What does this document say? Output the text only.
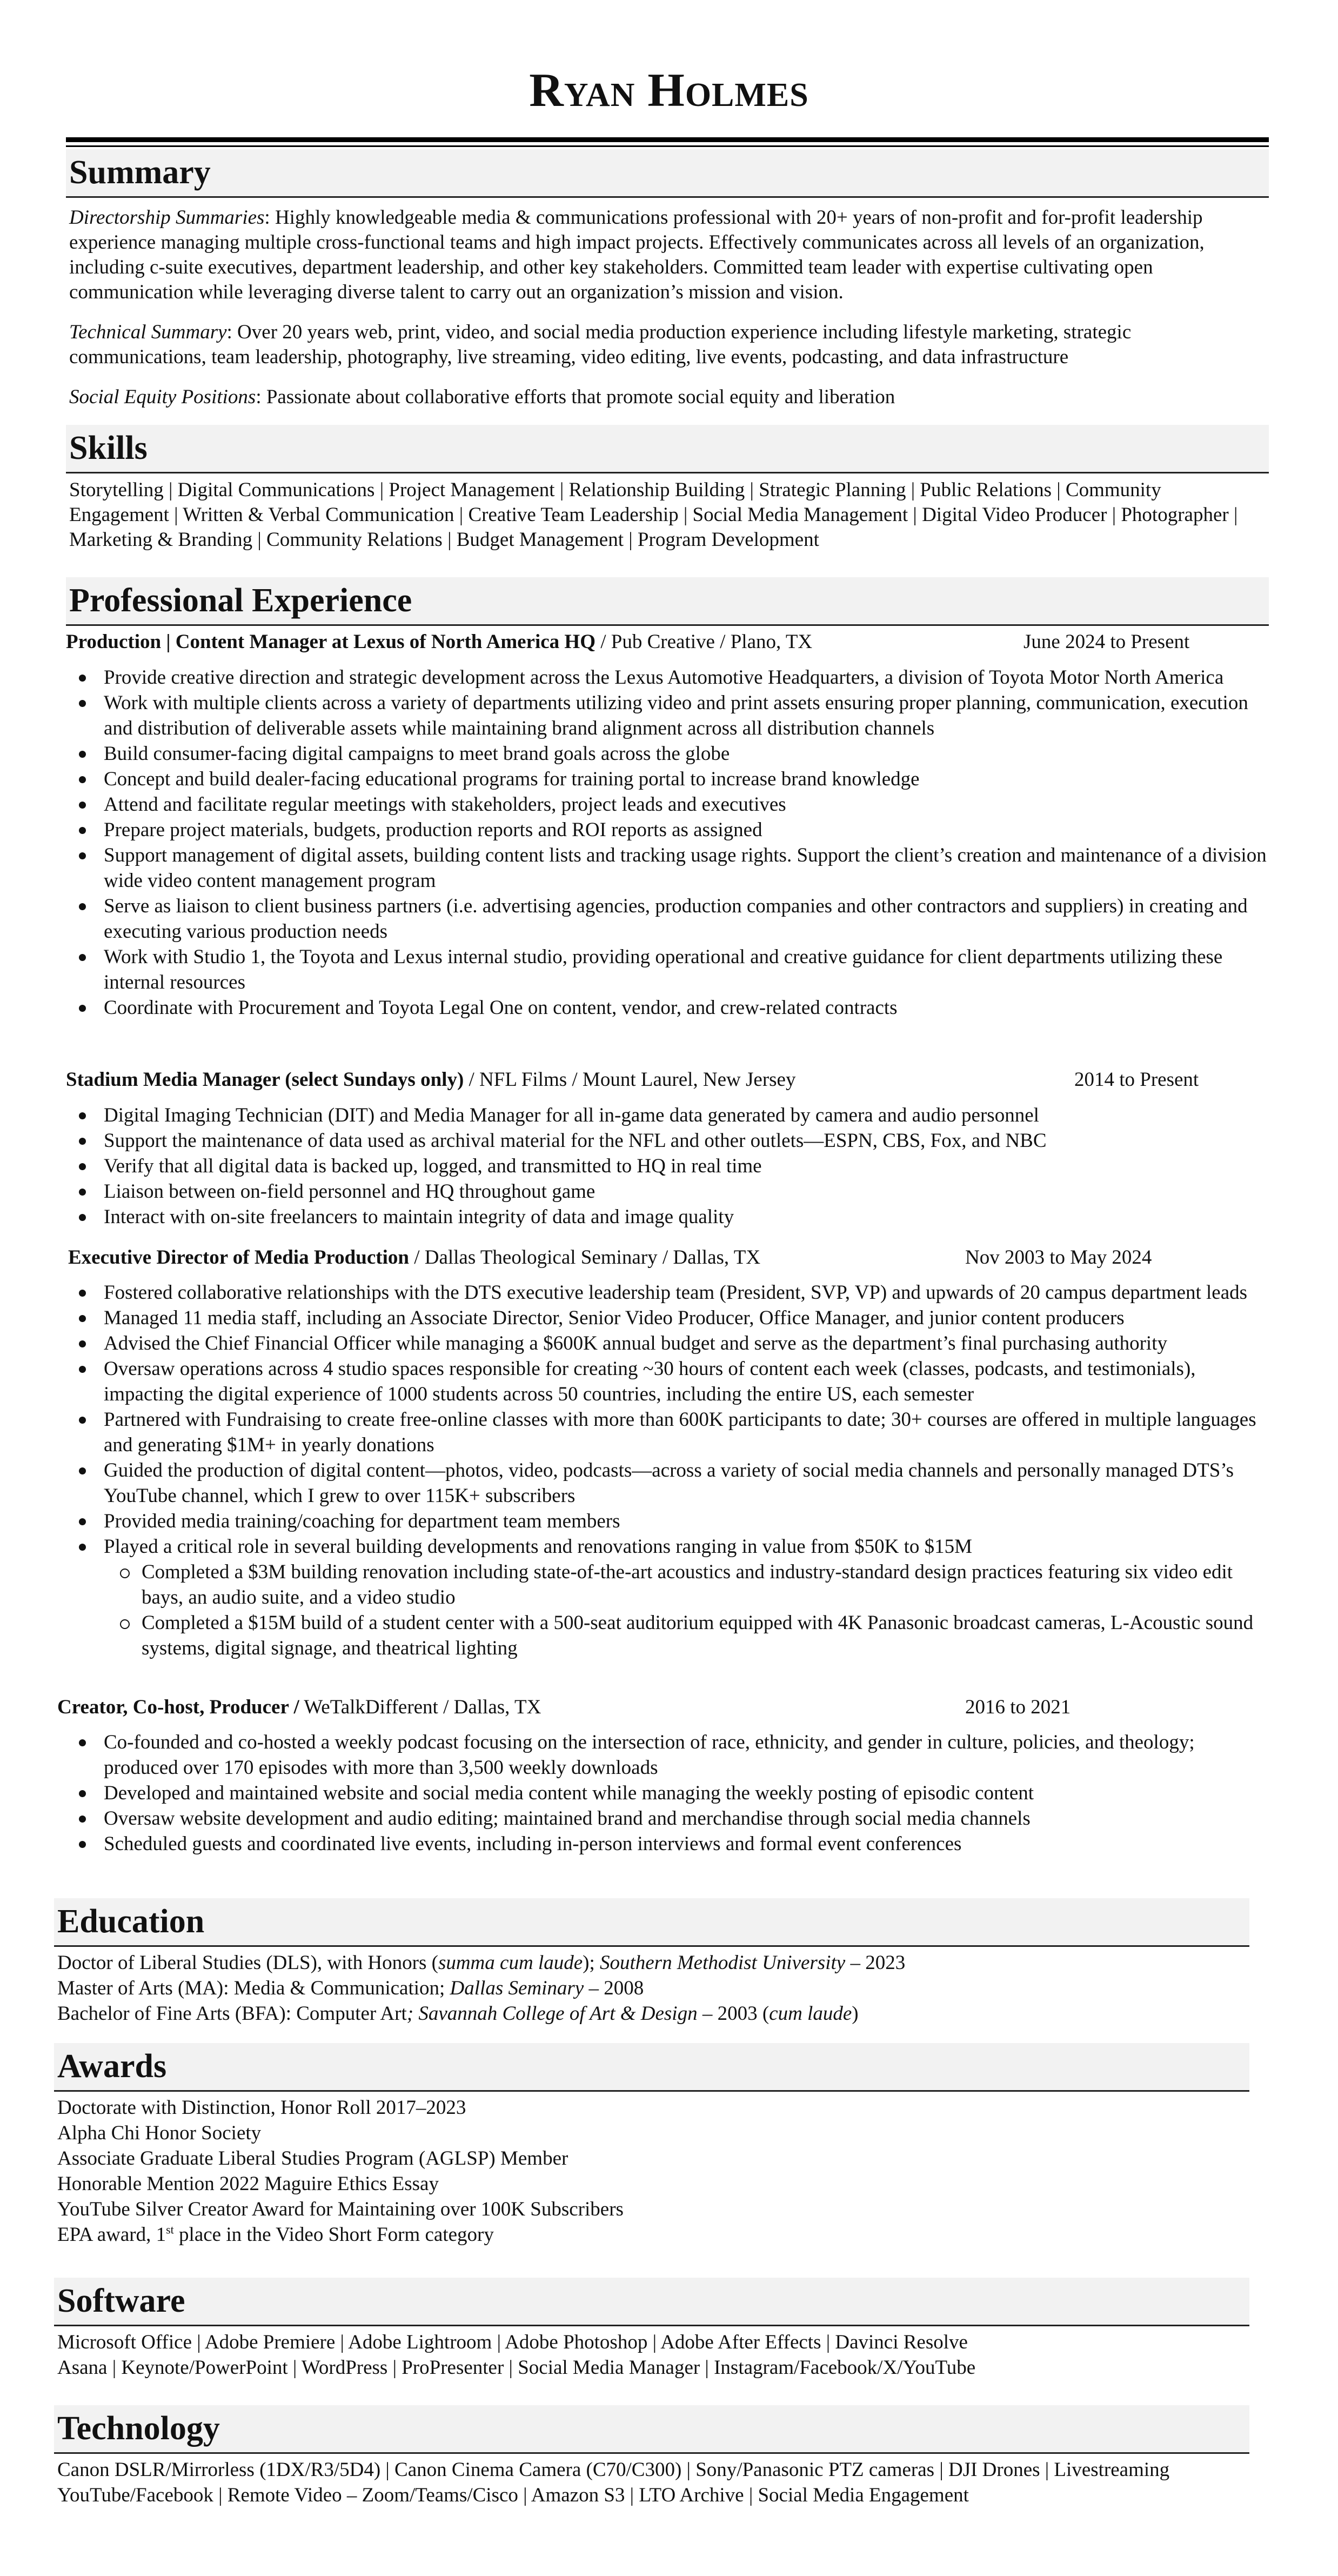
Ryan Holmes
Summary
Directorship Summaries: Highly knowledgeable media & communications professional with 20+ years of non-profit and for-profit leadership experience managing multiple cross-functional teams and high impact projects. Effectively communicates across all levels of an organization, including c-suite executives, department leadership, and other key stakeholders. Committed team leader with expertise cultivating open communication while leveraging diverse talent to carry out an organization’s mission and vision.
Technical Summary: Over 20 years web, print, video, and social media production experience including lifestyle marketing, strategic communications, team leadership, photography, live streaming, video editing, live events, podcasting, and data infrastructure
Social Equity Positions: Passionate about collaborative efforts that promote social equity and liberation
Skills
Storytelling | Digital Communications | Project Management | Relationship Building | Strategic Planning | Public Relations | Community Engagement | Written & Verbal Communication | Creative Team Leadership | Social Media Management | Digital Video Producer | Photographer | Marketing & Branding | Community Relations | Budget Management | Program Development
Professional Experience
Production | Content Manager at Lexus of North America HQ / Pub Creative / Plano, TX	June 2024 to Present
Provide creative direction and strategic development across the Lexus Automotive Headquarters, a division of Toyota Motor North America
Work with multiple clients across a variety of departments utilizing video and print assets ensuring proper planning, communication, execution and distribution of deliverable assets while maintaining brand alignment across all distribution channels
Build consumer-facing digital campaigns to meet brand goals across the globe
Concept and build dealer-facing educational programs for training portal to increase brand knowledge
Attend and facilitate regular meetings with stakeholders, project leads and executives
Prepare project materials, budgets, production reports and ROI reports as assigned
Support management of digital assets, building content lists and tracking usage rights. Support the client’s creation and maintenance of a division wide video content management program
Serve as liaison to client business partners (i.e. advertising agencies, production companies and other contractors and suppliers) in creating and executing various production needs
Work with Studio 1, the Toyota and Lexus internal studio, providing operational and creative guidance for client departments utilizing these internal resources
Coordinate with Procurement and Toyota Legal One on content, vendor, and crew-related contracts
Stadium Media Manager (select Sundays only) / NFL Films / Mount Laurel, New Jersey	2014 to Present
Digital Imaging Technician (DIT) and Media Manager for all in-game data generated by camera and audio personnel
Support the maintenance of data used as archival material for the NFL and other outlets—ESPN, CBS, Fox, and NBC
Verify that all digital data is backed up, logged, and transmitted to HQ in real time
Liaison between on-field personnel and HQ throughout game
Interact with on-site freelancers to maintain integrity of data and image quality
Executive Director of Media Production / Dallas Theological Seminary / Dallas, TX	Nov 2003 to May 2024
Fostered collaborative relationships with the DTS executive leadership team (President, SVP, VP) and upwards of 20 campus department leads
Managed 11 media staff, including an Associate Director, Senior Video Producer, Office Manager, and junior content producers
Advised the Chief Financial Officer while managing a $600K annual budget and serve as the department’s final purchasing authority
Oversaw operations across 4 studio spaces responsible for creating ~30 hours of content each week (classes, podcasts, and testimonials), impacting the digital experience of 1000 students across 50 countries, including the entire US, each semester
Partnered with Fundraising to create free-online classes with more than 600K participants to date; 30+ courses are offered in multiple languages and generating $1M+ in yearly donations
Guided the production of digital content—photos, video, podcasts—across a variety of social media channels and personally managed DTS’s YouTube channel, which I grew to over 115K+ subscribers
Provided media training/coaching for department team members
Played a critical role in several building developments and renovations ranging in value from $50K to $15M
Completed a $3M building renovation including state-of-the-art acoustics and industry-standard design practices featuring six video edit bays, an audio suite, and a video studio
Completed a $15M build of a student center with a 500-seat auditorium equipped with 4K Panasonic broadcast cameras, L-Acoustic sound systems, digital signage, and theatrical lighting
Creator, Co-host, Producer / WeTalkDifferent / Dallas, TX	2016 to 2021
Co-founded and co-hosted a weekly podcast focusing on the intersection of race, ethnicity, and gender in culture, policies, and theology; produced over 170 episodes with more than 3,500 weekly downloads
Developed and maintained website and social media content while managing the weekly posting of episodic content
Oversaw website development and audio editing; maintained brand and merchandise through social media channels
Scheduled guests and coordinated live events, including in-person interviews and formal event conferences
Education
Doctor of Liberal Studies (DLS), with Honors (summa cum laude); Southern Methodist University – 2023
Master of Arts (MA): Media & Communication; Dallas Seminary – 2008
Bachelor of Fine Arts (BFA): Computer Art; Savannah College of Art & Design – 2003 (cum laude)
Awards
Doctorate with Distinction, Honor Roll 2017–2023
Alpha Chi Honor Society
Associate Graduate Liberal Studies Program (AGLSP) Member
Honorable Mention 2022 Maguire Ethics Essay
YouTube Silver Creator Award for Maintaining over 100K Subscribers
EPA award, 1st place in the Video Short Form category
Software
Microsoft Office | Adobe Premiere | Adobe Lightroom | Adobe Photoshop | Adobe After Effects | Davinci Resolve
Asana | Keynote/PowerPoint | WordPress | ProPresenter | Social Media Manager | Instagram/Facebook/X/YouTube
Technology
Canon DSLR/Mirrorless (1DX/R3/5D4) | Canon Cinema Camera (C70/C300) | Sony/Panasonic PTZ cameras | DJI Drones | Livestreaming
YouTube/Facebook | Remote Video – Zoom/Teams/Cisco | Amazon S3 | LTO Archive | Social Media Engagement
